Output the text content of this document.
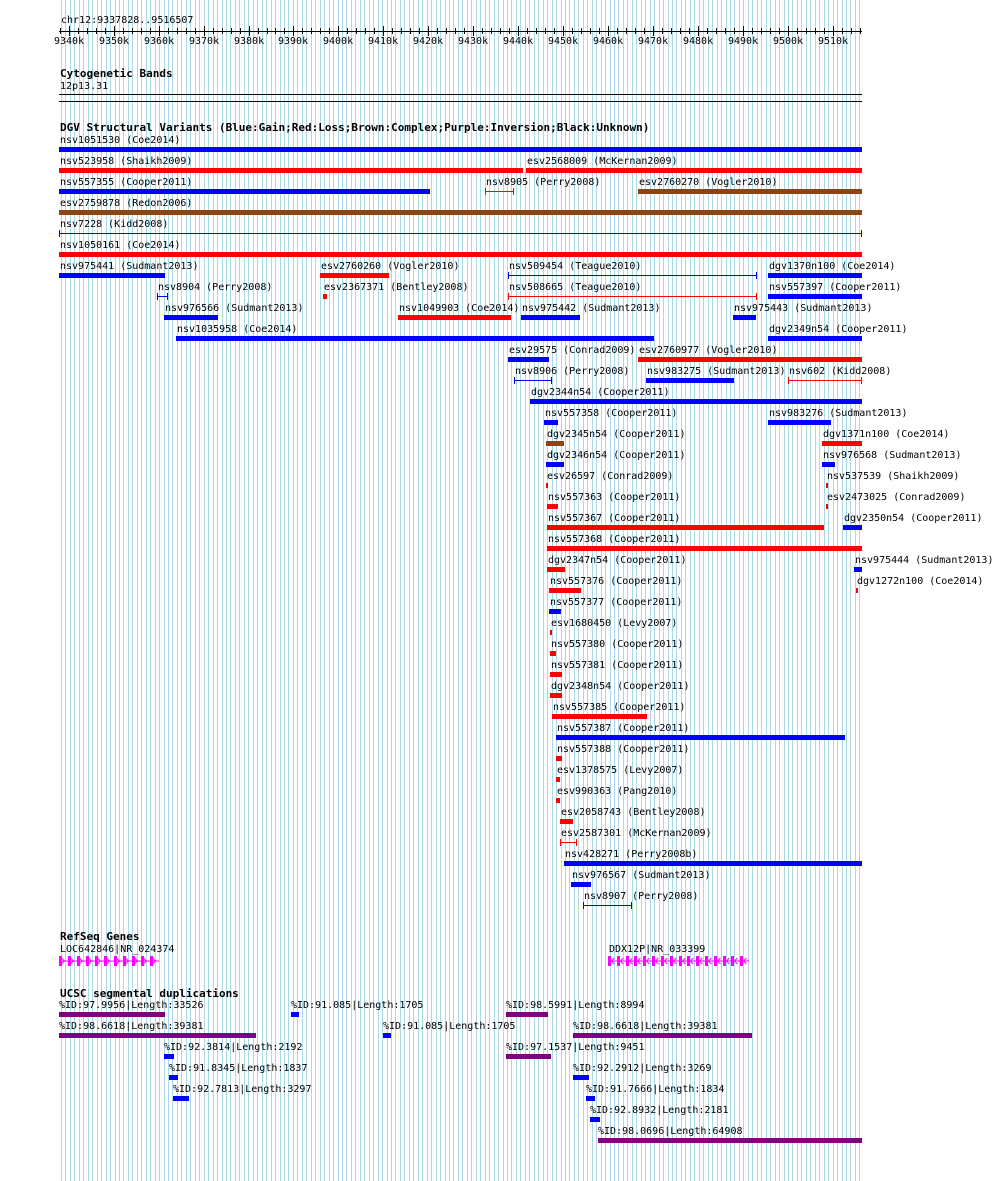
chr12:9337828..9516507
9340k 9350k 9360k 9370k 9380k 9390k 9400k 9410k 9420k 9430k 9440k 9450k 9460k 9470k 9480k 9490k 9500k 9510k
Cytogenetic Bands
12p13.31
DGV Structural Variants (Blue:Gain;Red:Loss;Brown:Complex;Purple:Inversion;Black:Unknown)
nsv1051530 (Coe2014)
nsv523958 (Shaikh2009)	esv2568009 (McKernan2009)
nsv557355 (Cooper2011)	nsv8905 (Perry2008)	esv2760270 (Vogler2010)
esv2759878 (Redon2006)
nsv7228 (Kidd2008)
nsv1050161 (Coe2014)
nsv975441 (Sudmant2013)	esv2760260 (Vogler2010)	nsv509454 (Teague2010)	dgv1370n100 (Coe2014)
nsv8904 (Perry2008)	esv2367371 (Bentley2008)	nsv508665 (Teague2010)	nsv557397 (Cooper2011)
nsv976566 (Sudmant2013)	nsv1049903 (Coe2014) nsv975442 (Sudmant2013)	nsv975443 (Sudmant2013)
nsv1035958 (Coe2014)	dgv2349n54 (Cooper2011)
esv29575 (Conrad2009) esv2760977 (Vogler2010)
nsv8906 (Perry2008) nsv983275 (Sudmant2013) nsv602 (Kidd2008)
dgv2344n54 (Cooper2011)
nsv557358 (Cooper2011)	nsv983276 (Sudmant2013)
dgv2345n54 (Cooper2011)	dgv1371n100 (Coe2014)
dgv2346n54 (Cooper2011)	nsv976568 (Sudmant2013)
esv26597 (Conrad2009)	nsv537539 (Shaikh2009)
nsv557363 (Cooper2011)	esv2473025 (Conrad2009)
nsv557367 (Cooper2011)	dgv2350n54 (Cooper2011)
nsv557368 (Cooper2011)
dgv2347n54 (Cooper2011)	nsv975444 (Sudmant2013)
nsv557376 (Cooper2011)	dgv1272n100 (Coe2014)
nsv557377 (Cooper2011)
esv1680450 (Levy2007)
nsv557380 (Cooper2011)
nsv557381 (Cooper2011)
dgv2348n54 (Cooper2011)
nsv557385 (Cooper2011)
nsv557387 (Cooper2011)
nsv557388 (Cooper2011)
esv1378575 (Levy2007)
esv990363 (Pang2010)
esv2058743 (Bentley2008)
esv2587301 (McKernan2009)
nsv428271 (Perry2008b)
nsv976567 (Sudmant2013)
nsv8907 (Perry2008)
RefSeq Genes
LOC642846|NR_024374	DDX12P|NR_033399
UCSC segmental duplications
%ID:97.9956|Length:33526	%ID:91.085|Length:1705	%ID:98.5991|Length:8994
%ID:98.6618|Length:39381	%ID:91.085|Length:1705	%ID:98.6618|Length:39381
%ID:92.3814|Length:2192	%ID:97.1537|Length:9451
%ID:91.8345|Length:1837	%ID:92.2912|Length:3269
%ID:92.7813|Length:3297	%ID:91.7666|Length:1834
%ID:92.8932|Length:2181
%ID:98.0696|Length:64908
